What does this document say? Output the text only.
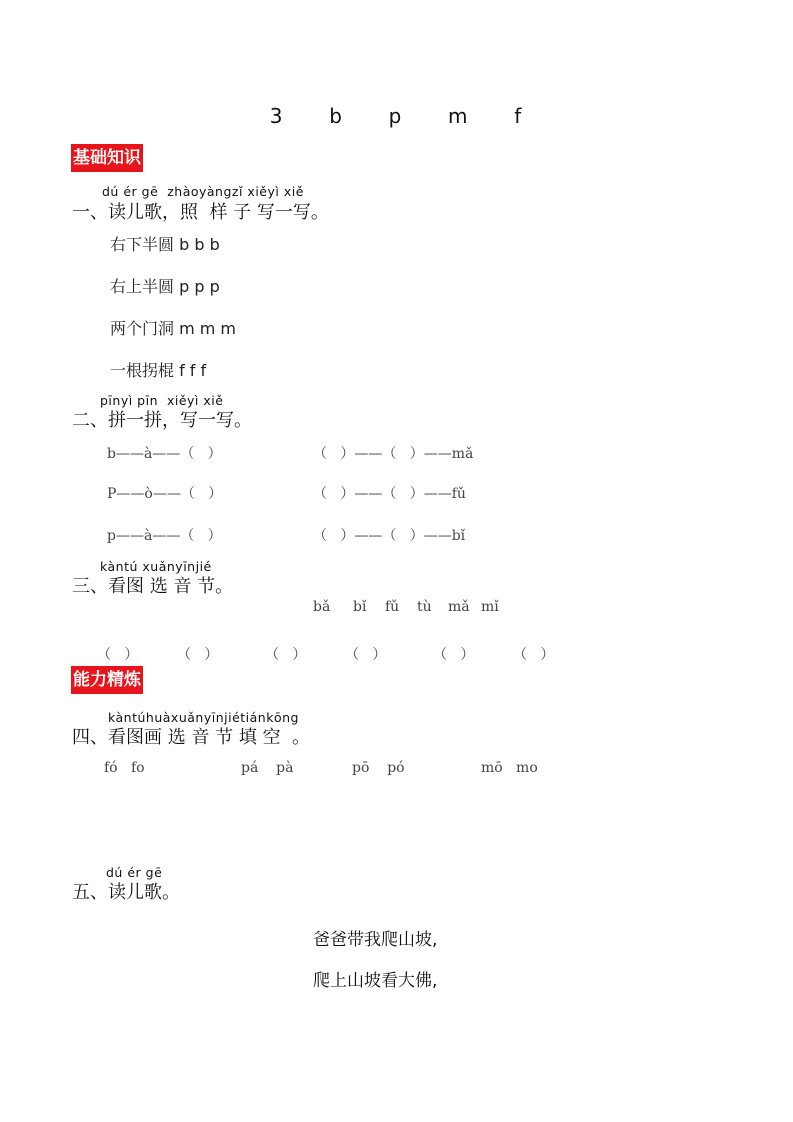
3  b  p  m  f
基础知识
dú ér gē  zhàoyàngzǐ xiěyì xiě
一、读儿歌，照  样 子 写一写。
右下半圆 b b b
右上半圆 p p p
两个门洞 m m m
一根拐棍 f f f
pīnyì pīn  xiěyì xiě
二、拼一拼，写一写。
b——à——（   ）	（   ）——（   ）——mǎ
P——ò——（   ）	（   ）——（   ）——fǔ
p——à——（   ）	（   ）——（   ）——bǐ
kàntú xuǎnyīnjié
三、看图 选 音 节。
bǎ bǐ fǔ tù mǎ mǐ
（   ）	（   ）	（   ）	（   ）	（   ）	（   ）
能力精炼
kàntúhuàxuǎnyīnjiétiánkōng
四、看图画 选 音 节 填 空  。
fó   fo	pá    pà	pō    pó	mō   mo
dú ér gē
五、读儿歌。
爸爸带我爬山坡,
爬上山坡看大佛,
